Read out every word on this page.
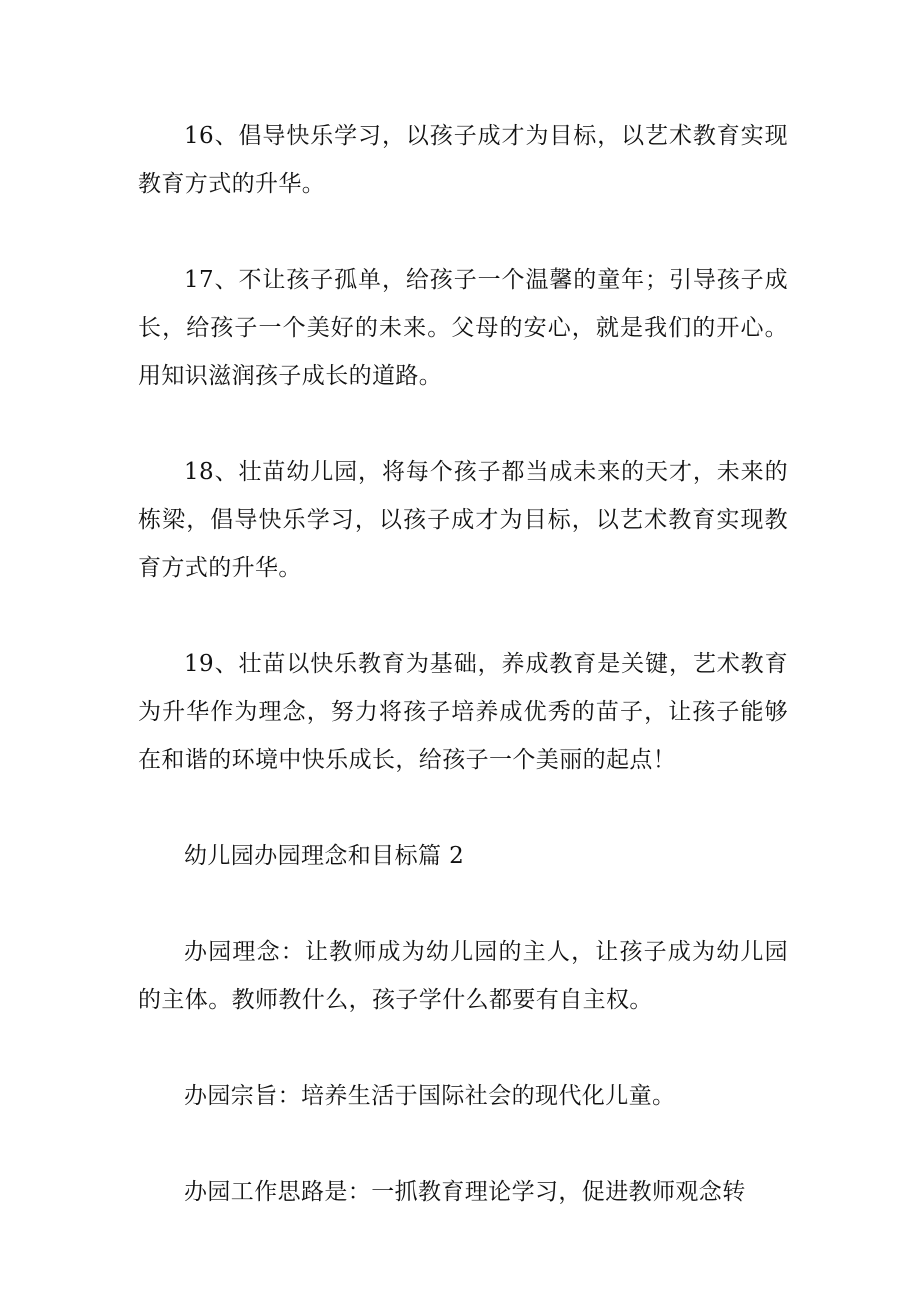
16、倡导快乐学习，以孩子成才为目标，以艺术教育实现教育方式的升华。

17、不让孩子孤单，给孩子一个温馨的童年；引导孩子成长，给孩子一个美好的未来。父母的安心，就是我们的开心。用知识滋润孩子成长的道路。

18、壮苗幼儿园，将每个孩子都当成未来的天才，未来的栋梁，倡导快乐学习，以孩子成才为目标，以艺术教育实现教育方式的升华。

19、壮苗以快乐教育为基础，养成教育是关键，艺术教育为升华作为理念，努力将孩子培养成优秀的苗子，让孩子能够在和谐的环境中快乐成长，给孩子一个美丽的起点！

幼儿园办园理念和目标篇 2

办园理念：让教师成为幼儿园的主人，让孩子成为幼儿园的主体。教师教什么，孩子学什么都要有自主权。

办园宗旨：培养生活于国际社会的现代化儿童。

办园工作思路是：一抓教育理论学习，促进教师观念转
